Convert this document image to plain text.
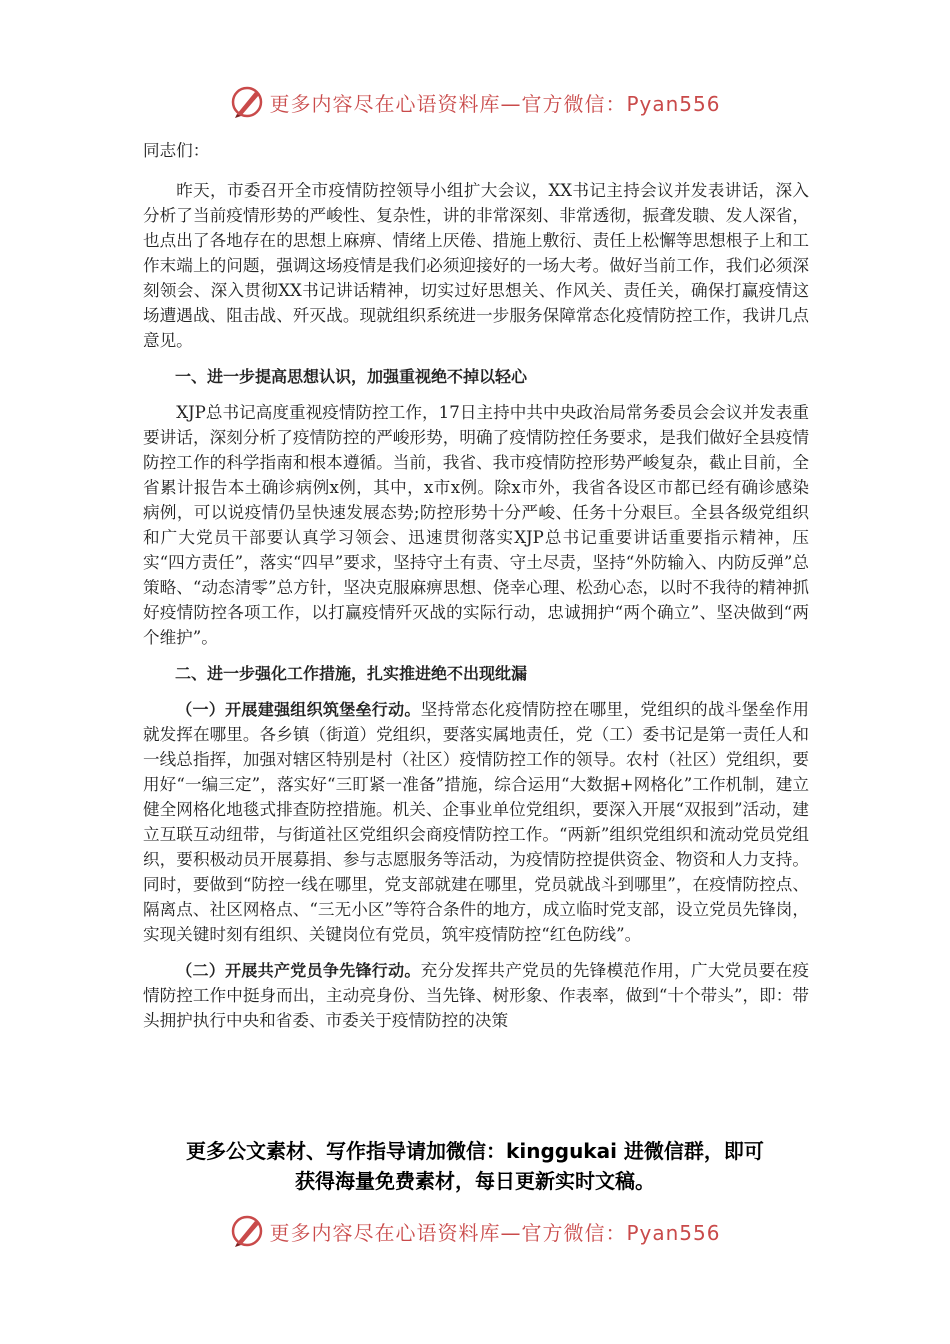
更多内容尽在心语资料库—官方微信：Pyan556

同志们：

昨天，市委召开全市疫情防控领导小组扩大会议，XX书记主持会议并发表讲话，深入分析了当前疫情形势的严峻性、复杂性，讲的非常深刻、非常透彻，振聋发聩、发人深省，也点出了各地存在的思想上麻痹、情绪上厌倦、措施上敷衍、责任上松懈等思想根子上和工作末端上的问题，强调这场疫情是我们必须迎接好的一场大考。做好当前工作，我们必须深刻领会、深入贯彻XX书记讲话精神，切实过好思想关、作风关、责任关，确保打赢疫情这场遭遇战、阻击战、歼灭战。现就组织系统进一步服务保障常态化疫情防控工作，我讲几点意见。

一、进一步提高思想认识，加强重视绝不掉以轻心

XJP总书记高度重视疫情防控工作，17日主持中共中央政治局常务委员会会议并发表重要讲话，深刻分析了疫情防控的严峻形势，明确了疫情防控任务要求，是我们做好全县疫情防控工作的科学指南和根本遵循。当前，我省、我市疫情防控形势严峻复杂，截止目前，全省累计报告本土确诊病例x例，其中，x市x例。除x市外，我省各设区市都已经有确诊感染病例，可以说疫情仍呈快速发展态势;防控形势十分严峻、任务十分艰巨。全县各级党组织和广大党员干部要认真学习领会、迅速贯彻落实XJP总书记重要讲话重要指示精神，压实“四方责任”，落实“四早”要求，坚持守土有责、守土尽责，坚持“外防输入、内防反弹”总策略、“动态清零”总方针，坚决克服麻痹思想、侥幸心理、松劲心态，以时不我待的精神抓好疫情防控各项工作，以打赢疫情歼灭战的实际行动，忠诚拥护“两个确立”、坚决做到“两个维护”。

二、进一步强化工作措施，扎实推进绝不出现纰漏

（一）开展建强组织筑堡垒行动。坚持常态化疫情防控在哪里，党组织的战斗堡垒作用就发挥在哪里。各乡镇（街道）党组织，要落实属地责任，党（工）委书记是第一责任人和一线总指挥，加强对辖区特别是村（社区）疫情防控工作的领导。农村（社区）党组织，要用好“一编三定”，落实好“三盯紧一准备”措施，综合运用“大数据+网格化”工作机制，建立健全网格化地毯式排查防控措施。机关、企事业单位党组织，要深入开展“双报到”活动，建立互联互动纽带，与街道社区党组织会商疫情防控工作。“两新”组织党组织和流动党员党组织，要积极动员开展募捐、参与志愿服务等活动，为疫情防控提供资金、物资和人力支持。同时，要做到“防控一线在哪里，党支部就建在哪里，党员就战斗到哪里”，在疫情防控点、隔离点、社区网格点、“三无小区”等符合条件的地方，成立临时党支部，设立党员先锋岗，实现关键时刻有组织、关键岗位有党员，筑牢疫情防控“红色防线”。

（二）开展共产党员争先锋行动。充分发挥共产党员的先锋模范作用，广大党员要在疫情防控工作中挺身而出，主动亮身份、当先锋、树形象、作表率，做到“十个带头”，即：带头拥护执行中央和省委、市委关于疫情防控的决策

更多公文素材、写作指导请加微信：kinggukai 进微信群，即可
获得海量免费素材，每日更新实时文稿。
更多内容尽在心语资料库—官方微信：Pyan556
